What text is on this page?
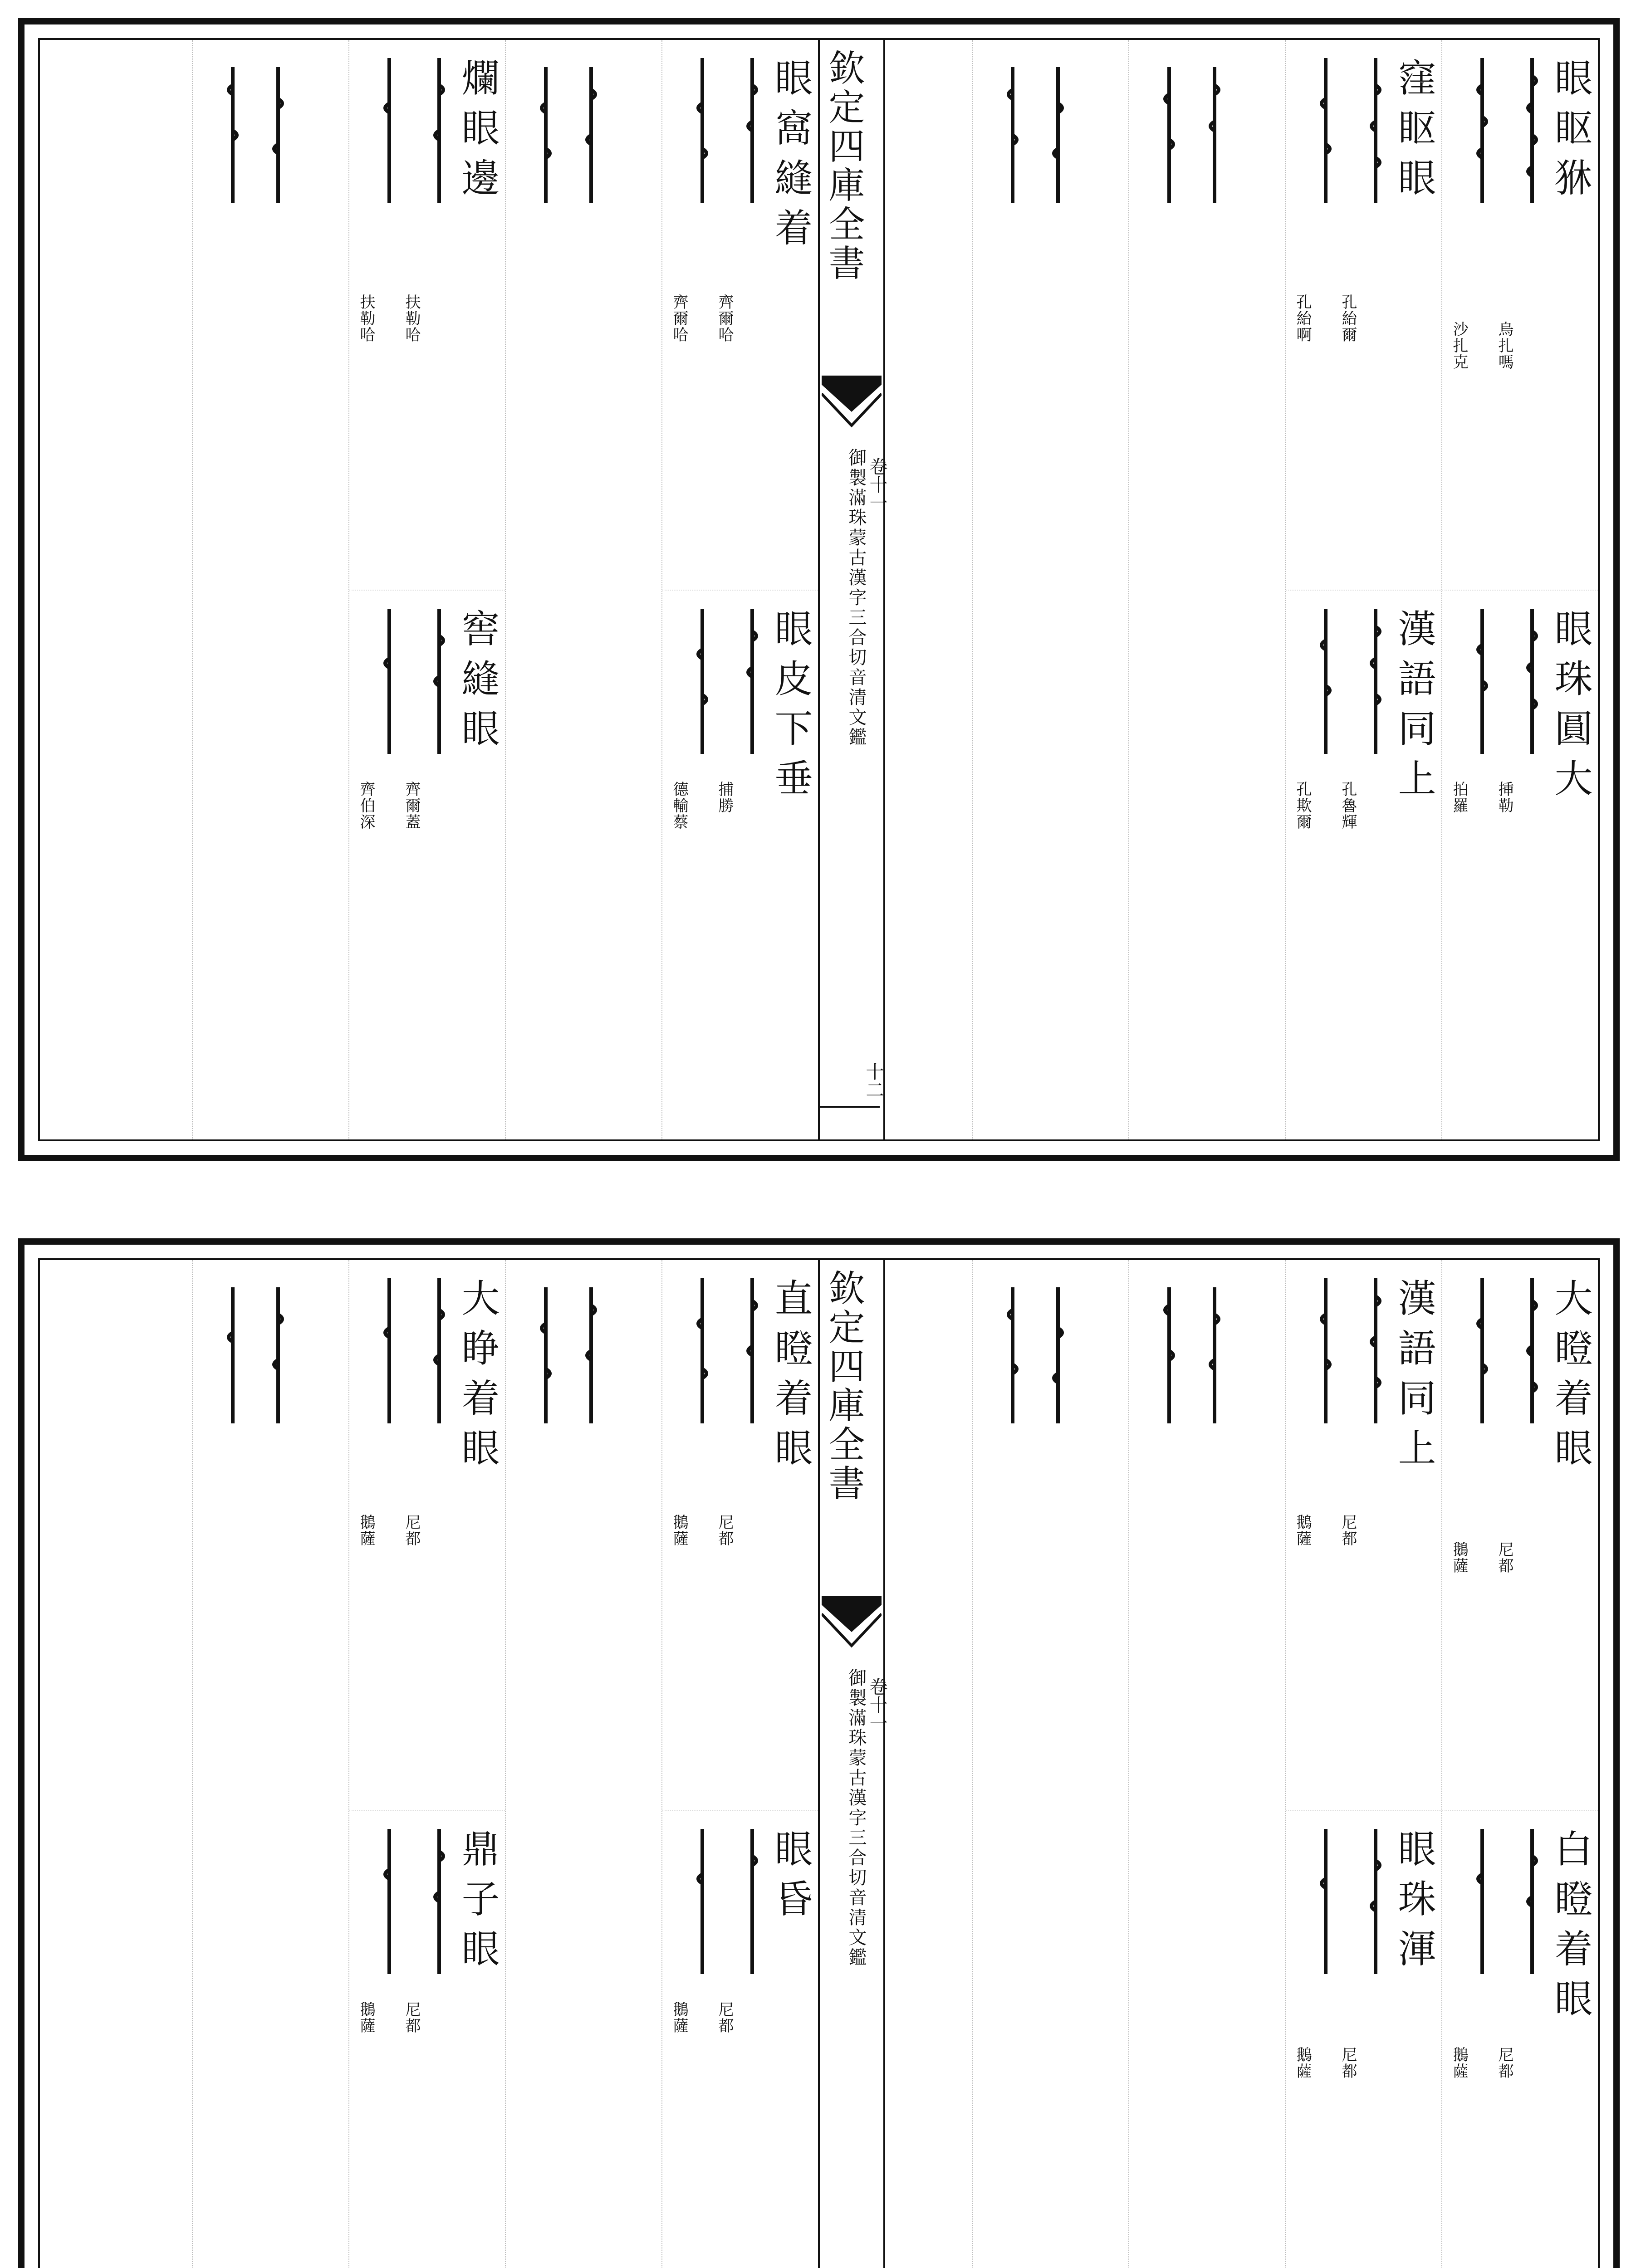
眼眍㹯
烏扎嗎
沙扎克
眼珠圓大
挿勒
拍羅
窪眍眼
孔紿爾
孔紿啊
漢語同上
孔魯輝
孔欺爾
欽定四庫全書
御製滿珠蒙古漢字三合切音清文鑑 卷十一
十二
眼窩縫着
齊爾哈
齊爾哈
眼皮下垂
捕勝
德輸蔡
爛眼邊
扶勒哈
扶勒哈
窖縫眼
齊爾蓋
齊伯深
大瞪着眼
尼都
鵝薩
白瞪着眼
尼都
鵝薩
漢語同上
尼都
鵝薩
眼珠渾
尼都
鵝薩
欽定四庫全書
御製滿珠蒙古漢字三合切音清文鑑 卷十一
直瞪着眼
尼都
鵝薩
眼昏
尼都
鵝薩
大睁着眼
尼都
鵝薩
鼎子眼
尼都
鵝薩
